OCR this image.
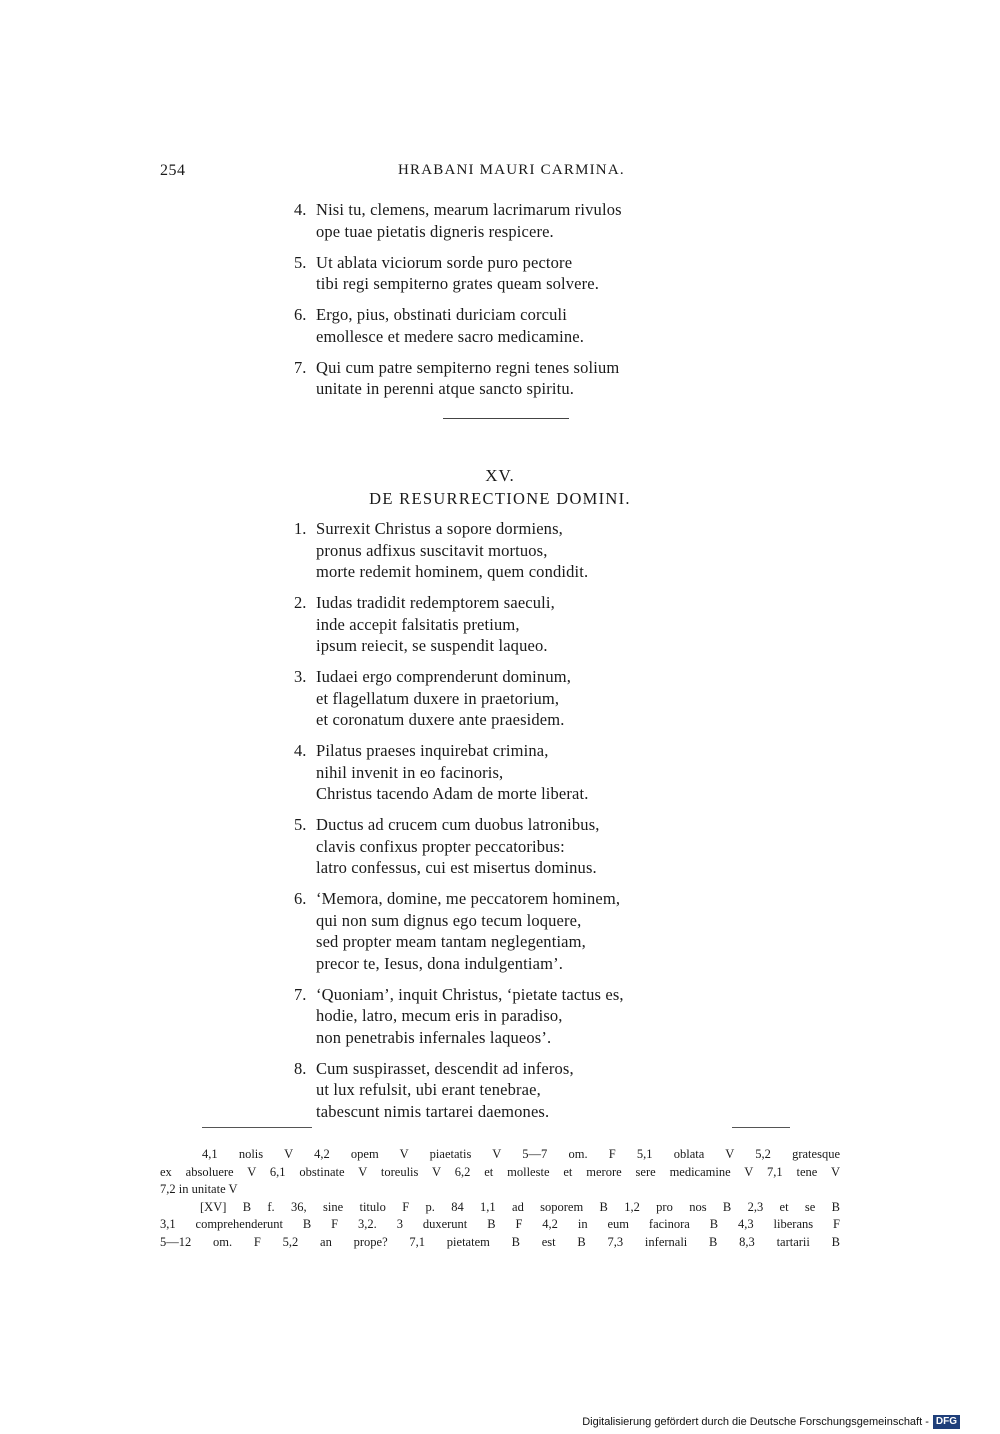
254	HRABANI MAURI CARMINA.
4. Nisi tu, clemens, mearum lacrimarum rivulos
ope tuae pietatis digneris respicere.
5. Ut ablata viciorum sorde puro pectore
tibi regi sempiterno grates queam solvere.
6. Ergo, pius, obstinati duriciam corculi
emollesce et medere sacro medicamine.
7. Qui cum patre sempiterno regni tenes solium
unitate in perenni atque sancto spiritu.
XV.
DE RESURRECTIONE DOMINI.
1. Surrexit Christus a sopore dormiens,
pronus adfixus suscitavit mortuos,
morte redemit hominem, quem condidit.
2. Iudas tradidit redemptorem saeculi,
inde accepit falsitatis pretium,
ipsum reiecit, se suspendit laqueo.
3. Iudaei ergo comprenderunt dominum,
et flagellatum duxere in praetorium,
et coronatum duxere ante praesidem.
4. Pilatus praeses inquirebat crimina,
nihil invenit in eo facinoris,
Christus tacendo Adam de morte liberat.
5. Ductus ad crucem cum duobus latronibus,
clavis confixus propter peccatoribus:
latro confessus, cui est misertus dominus.
6. ‘Memora, domine, me peccatorem hominem,
qui non sum dignus ego tecum loquere,
sed propter meam tantam neglegentiam,
precor te, Iesus, dona indulgentiam’.
7. ‘Quoniam’, inquit Christus, ‘pietate tactus es,
hodie, latro, mecum eris in paradiso,
non penetrabis infernales laqueos’.
8. Cum suspirasset, descendit ad inferos,
ut lux refulsit, ubi erant tenebrae,
tabescunt nimis tartarei daemones.
4,1 nolis V 4,2 opem V piaetatis V 5—7 om. F 5,1 oblata V 5,2 gratesque
ex absoluere V 6,1 obstinate V toreulis V 6,2 et molleste et merore sere medicamine V 7,1 tene V
7,2 in unitate V
[XV] B f. 36, sine titulo F p. 84 1,1 ad soporem B 1,2 pro nos B 2,3 et se B
3,1 comprehenderunt B F 3,2. 3 duxerunt B F 4,2 in eum facinora B 4,3 liberans F
5—12 om. F 5,2 an prope? 7,1 pietatem B est B 7,3 infernali B 8,3 tartarii B
Digitalisierung gefördert durch die Deutsche Forschungsgemeinschaft - DFG
